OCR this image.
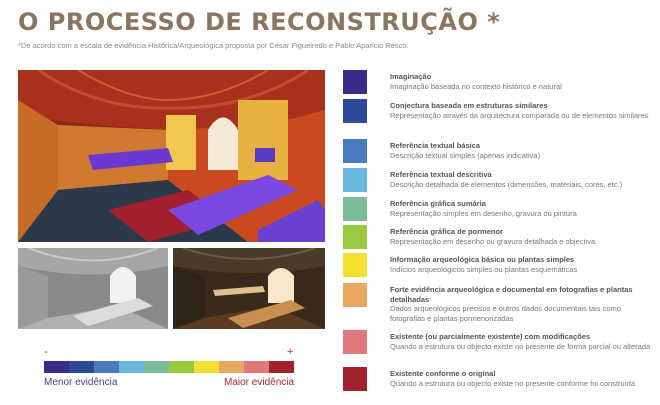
O PROCESSO DE RECONSTRUÇÃO *
*De acordo com a escala de evidência Histórica/Arqueológica proposta por César Figueiredo e Pablo Aparicio Resco.
-	+
Menor evidência	Maior evidência
Imaginação
Imaginação baseada no contexto histórico e natural
Conjectura baseada em estruturas similares
Representação através da arquitectura comparada ou de elementos similares
Referência textual básica
Descrição textual simples (apenas indicativa)
Referência textual descritiva
Descrição detalhada de elementos (dimensões, materiais, cores, etc.)
Referência gráfica sumária
Representação simples em desenho, gravura ou pintura
Referência gráfica de pormenor
Representação em desenho ou gravura detalhada e objectiva
Informação arqueológica básica ou plantas simples
Indícios arqueológicos simples ou plantas esquemáticas
Forte evidência arqueológica e documental em fotografias e plantas detalhadas
Dados arqueológicos precisos e outros dados documentais tais como fotografias e plantas pormenorizadas
Existente (ou parcialmente existente) com modificações
Quando a estrutura ou objecto existe no presente de forma parcial ou alterada
Existente conforme o original
Quando a estrutura ou objecto existe no presente conforme foi construída
